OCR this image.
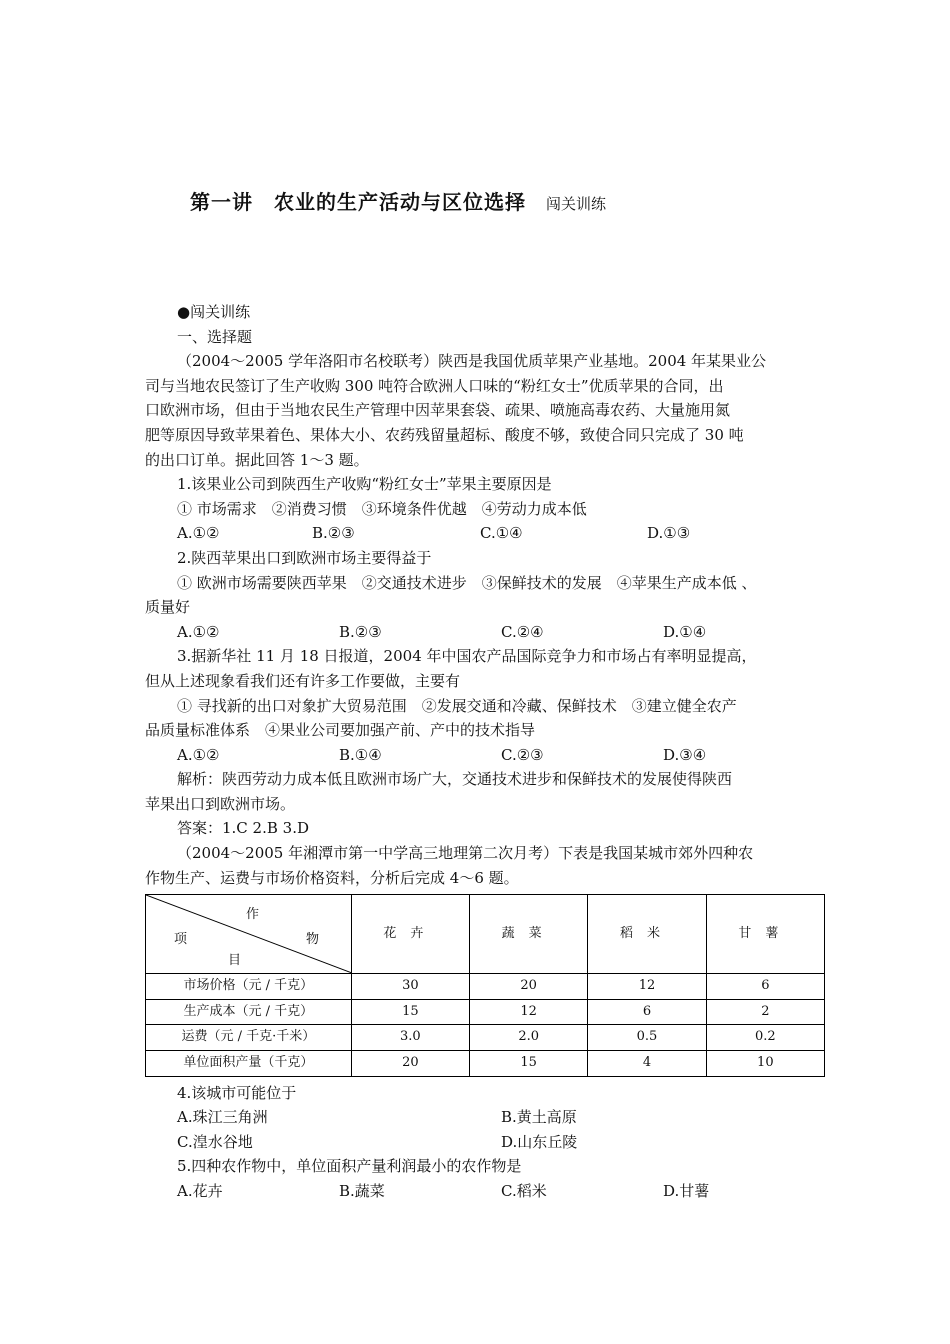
第一讲　农业的生产活动与区位选择 闯关训练

●闯关训练

一、选择题

（2004～2005 学年洛阳市名校联考）陕西是我国优质苹果产业基地。2004 年某果业公

司与当地农民签订了生产收购 300 吨符合欧洲人口味的“粉红女士”优质苹果的合同，出

口欧洲市场，但由于当地农民生产管理中因苹果套袋、疏果、喷施高毒农药、大量施用氮

肥等原因导致苹果着色、果体大小、农药残留量超标、酸度不够，致使合同只完成了 30 吨

的出口订单。据此回答 1～3 题。

1.该果业公司到陕西生产收购“粉红女士”苹果主要原因是

① 市场需求　②消费习惯　③环境条件优越　④劳动力成本低

A.①②	B.②③	C.①④	D.①③

2.陕西苹果出口到欧洲市场主要得益于

① 欧洲市场需要陕西苹果　②交通技术进步　③保鲜技术的发展　④苹果生产成本低 、

质量好

A.①②	B.②③	C.②④	D.①④

3.据新华社 11 月 18 日报道，2004 年中国农产品国际竞争力和市场占有率明显提高，

但从上述现象看我们还有许多工作要做，主要有

① 寻找新的出口对象扩大贸易范围　②发展交通和冷藏、保鲜技术　③建立健全农产

品质量标准体系　④果业公司要加强产前、产中的技术指导

A.①②	B.①④	C.②③	D.③④

解析：陕西劳动力成本低且欧洲市场广大，交通技术进步和保鲜技术的发展使得陕西

苹果出口到欧洲市场。

答案：1.C 2.B 3.D

（2004～2005 年湘潭市第一中学高三地理第二次月考）下表是我国某城市郊外四种农

作物生产、运费与市场价格资料，分析后完成 4～6 题。

作
项 物
目	花卉	蔬菜	稻米	甘薯
市场价格（元 / 千克）	30	20	12	6
生产成本（元 / 千克）	15	12	6	2
运费（元 / 千克·千米）	3.0	2.0	0.5	0.2
单位面积产量（千克）	20	15	4	10

4.该城市可能位于

A.珠江三角洲	B.黄土高原
C.湟水谷地	D.山东丘陵

5.四种农作物中，单位面积产量利润最小的农作物是

A.花卉	B.蔬菜	C.稻米	D.甘薯
